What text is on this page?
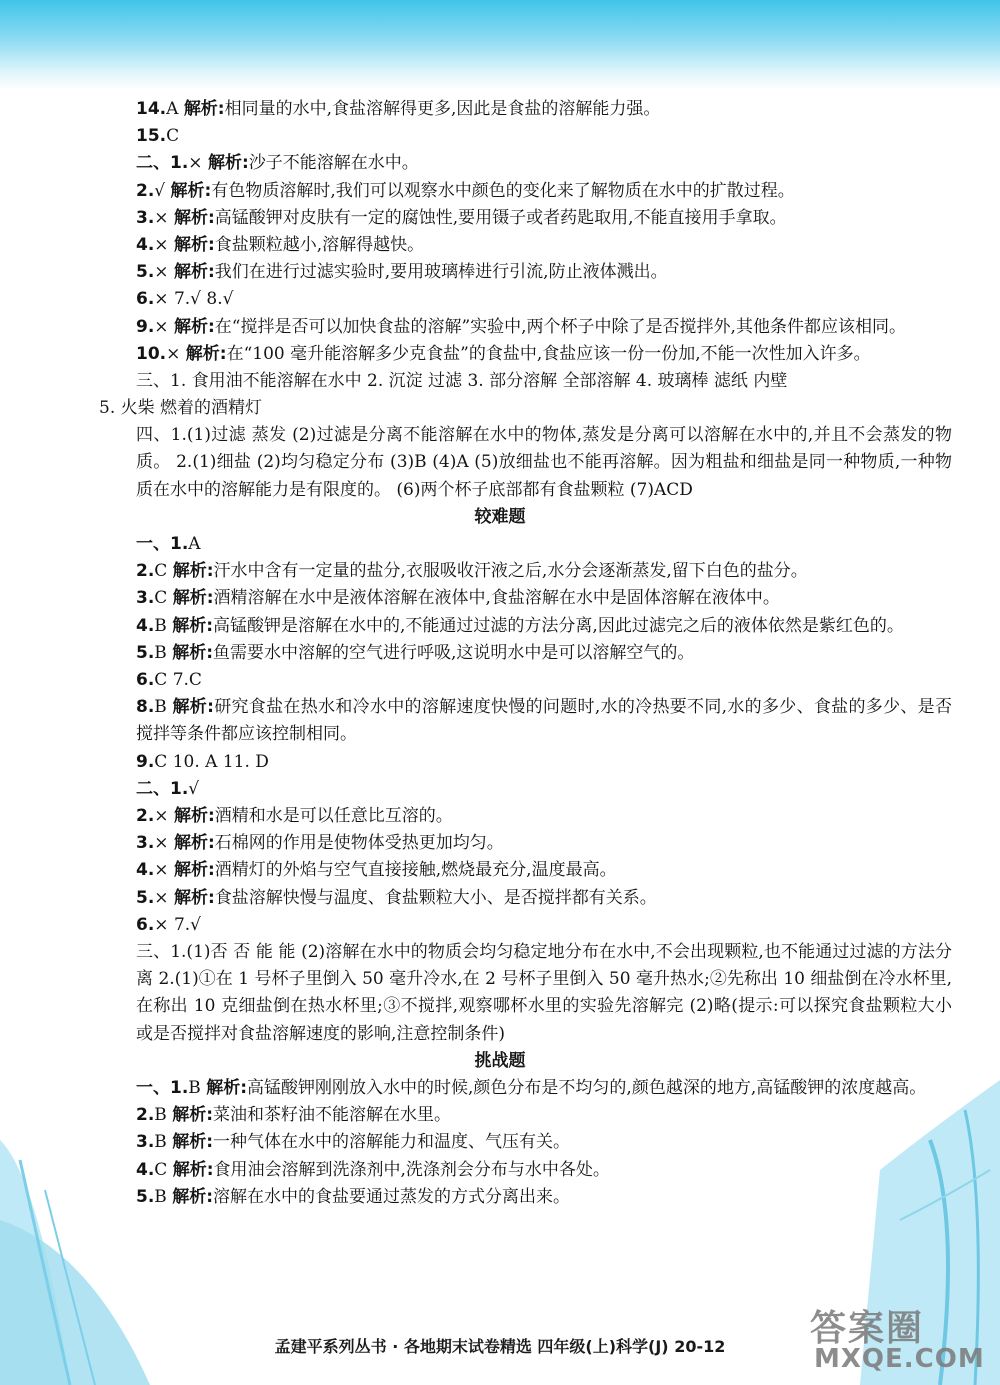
14.A 解析:相同量的水中,食盐溶解得更多,因此是食盐的溶解能力强。
15.C
二、1.× 解析:沙子不能溶解在水中。
2.√ 解析:有色物质溶解时,我们可以观察水中颜色的变化来了解物质在水中的扩散过程。
3.× 解析:高锰酸钾对皮肤有一定的腐蚀性,要用镊子或者药匙取用,不能直接用手拿取。
4.× 解析:食盐颗粒越小,溶解得越快。
5.× 解析:我们在进行过滤实验时,要用玻璃棒进行引流,防止液体溅出。
6.× 7.√ 8.√
9.× 解析:在“搅拌是否可以加快食盐的溶解”实验中,两个杯子中除了是否搅拌外,其他条件都应该相同。
10.× 解析:在“100 毫升能溶解多少克食盐”的食盐中,食盐应该一份一份加,不能一次性加入许多。
三、1. 食用油不能溶解在水中 2. 沉淀 过滤 3. 部分溶解 全部溶解 4. 玻璃棒 滤纸 内壁
5. 火柴 燃着的酒精灯
四、1.(1)过滤 蒸发 (2)过滤是分离不能溶解在水中的物体,蒸发是分离可以溶解在水中的,并且不会蒸发的物质。 2.(1)细盐 (2)均匀稳定分布 (3)B (4)A (5)放细盐也不能再溶解。因为粗盐和细盐是同一种物质,一种物质在水中的溶解能力是有限度的。 (6)两个杯子底部都有食盐颗粒 (7)ACD
较难题
一、1.A
2.C 解析:汗水中含有一定量的盐分,衣服吸收汗液之后,水分会逐渐蒸发,留下白色的盐分。
3.C 解析:酒精溶解在水中是液体溶解在液体中,食盐溶解在水中是固体溶解在液体中。
4.B 解析:高锰酸钾是溶解在水中的,不能通过过滤的方法分离,因此过滤完之后的液体依然是紫红色的。
5.B 解析:鱼需要水中溶解的空气进行呼吸,这说明水中是可以溶解空气的。
6.C 7.C
8.B 解析:研究食盐在热水和冷水中的溶解速度快慢的问题时,水的冷热要不同,水的多少、食盐的多少、是否搅拌等条件都应该控制相同。
9.C 10. A 11. D
二、1.√
2.× 解析:酒精和水是可以任意比互溶的。
3.× 解析:石棉网的作用是使物体受热更加均匀。
4.× 解析:酒精灯的外焰与空气直接接触,燃烧最充分,温度最高。
5.× 解析:食盐溶解快慢与温度、食盐颗粒大小、是否搅拌都有关系。
6.× 7.√
三、1.(1)否 否 能 能 (2)溶解在水中的物质会均匀稳定地分布在水中,不会出现颗粒,也不能通过过滤的方法分离 2.(1)①在 1 号杯子里倒入 50 毫升冷水,在 2 号杯子里倒入 50 毫升热水;②先称出 10 细盐倒在冷水杯里,在称出 10 克细盐倒在热水杯里;③不搅拌,观察哪杯水里的实验先溶解完 (2)略(提示:可以探究食盐颗粒大小或是否搅拌对食盐溶解速度的影响,注意控制条件)
挑战题
一、1.B 解析:高锰酸钾刚刚放入水中的时候,颜色分布是不均匀的,颜色越深的地方,高锰酸钾的浓度越高。
2.B 解析:菜油和茶籽油不能溶解在水里。
3.B 解析:一种气体在水中的溶解能力和温度、气压有关。
4.C 解析:食用油会溶解到洗涤剂中,洗涤剂会分布与水中各处。
5.B 解析:溶解在水中的食盐要通过蒸发的方式分离出来。
孟建平系列丛书 · 各地期末试卷精选 四年级(上)科学(J) 20-12	答案圈
MXQE.COM
